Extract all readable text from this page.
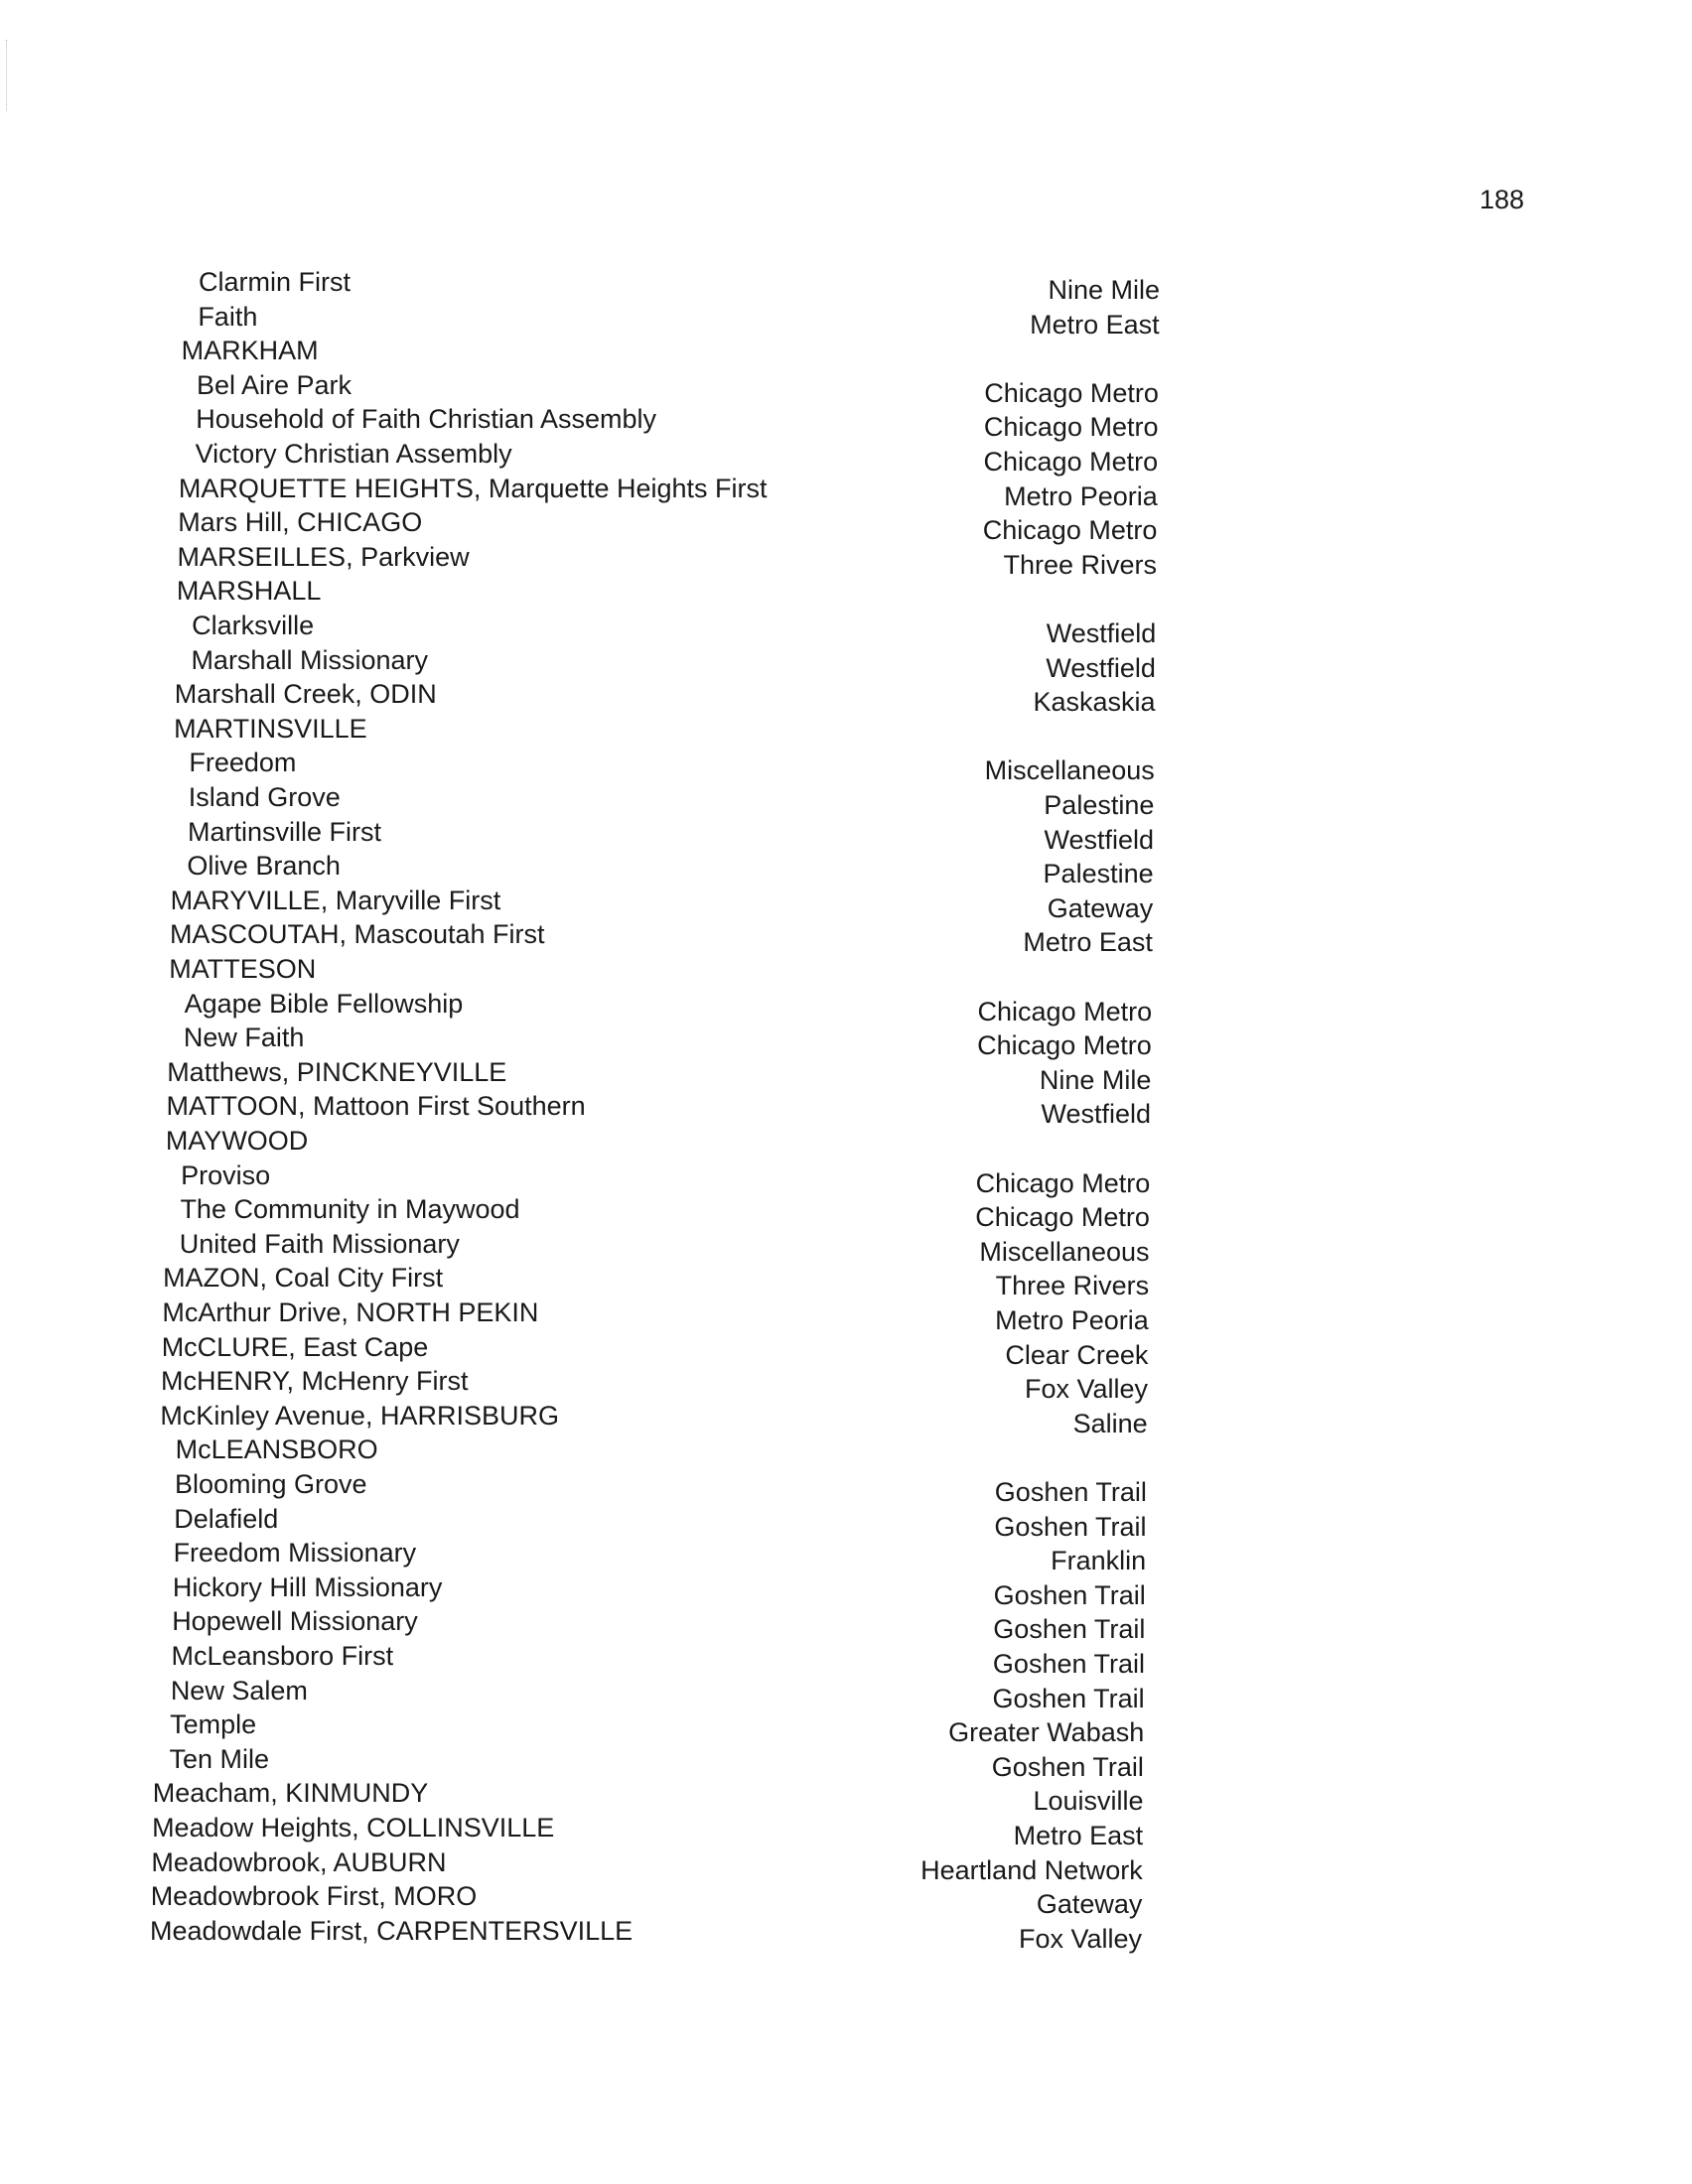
188
Clarmin First	Nine Mile
Faith	Metro East
MARKHAM
Bel Aire Park	Chicago Metro
Household of Faith Christian Assembly	Chicago Metro
Victory Christian Assembly	Chicago Metro
MARQUETTE HEIGHTS, Marquette Heights First	Metro Peoria
Mars Hill, CHICAGO	Chicago Metro
MARSEILLES, Parkview	Three Rivers
MARSHALL
Clarksville	Westfield
Marshall Missionary	Westfield
Marshall Creek, ODIN	Kaskaskia
MARTINSVILLE
Freedom	Miscellaneous
Island Grove	Palestine
Martinsville First	Westfield
Olive Branch	Palestine
MARYVILLE, Maryville First	Gateway
MASCOUTAH, Mascoutah First	Metro East
MATTESON
Agape Bible Fellowship	Chicago Metro
New Faith	Chicago Metro
Matthews, PINCKNEYVILLE	Nine Mile
MATTOON, Mattoon First Southern	Westfield
MAYWOOD
Proviso	Chicago Metro
The Community in Maywood	Chicago Metro
United Faith Missionary	Miscellaneous
MAZON, Coal City First	Three Rivers
McArthur Drive, NORTH PEKIN	Metro Peoria
McCLURE, East Cape	Clear Creek
McHENRY, McHenry First	Fox Valley
McKinley Avenue, HARRISBURG	Saline
McLEANSBORO
Blooming Grove	Goshen Trail
Delafield	Goshen Trail
Freedom Missionary	Franklin
Hickory Hill Missionary	Goshen Trail
Hopewell Missionary	Goshen Trail
McLeansboro First	Goshen Trail
New Salem	Goshen Trail
Temple	Greater Wabash
Ten Mile	Goshen Trail
Meacham, KINMUNDY	Louisville
Meadow Heights, COLLINSVILLE	Metro East
Meadowbrook, AUBURN	Heartland Network
Meadowbrook First, MORO	Gateway
Meadowdale First, CARPENTERSVILLE	Fox Valley
